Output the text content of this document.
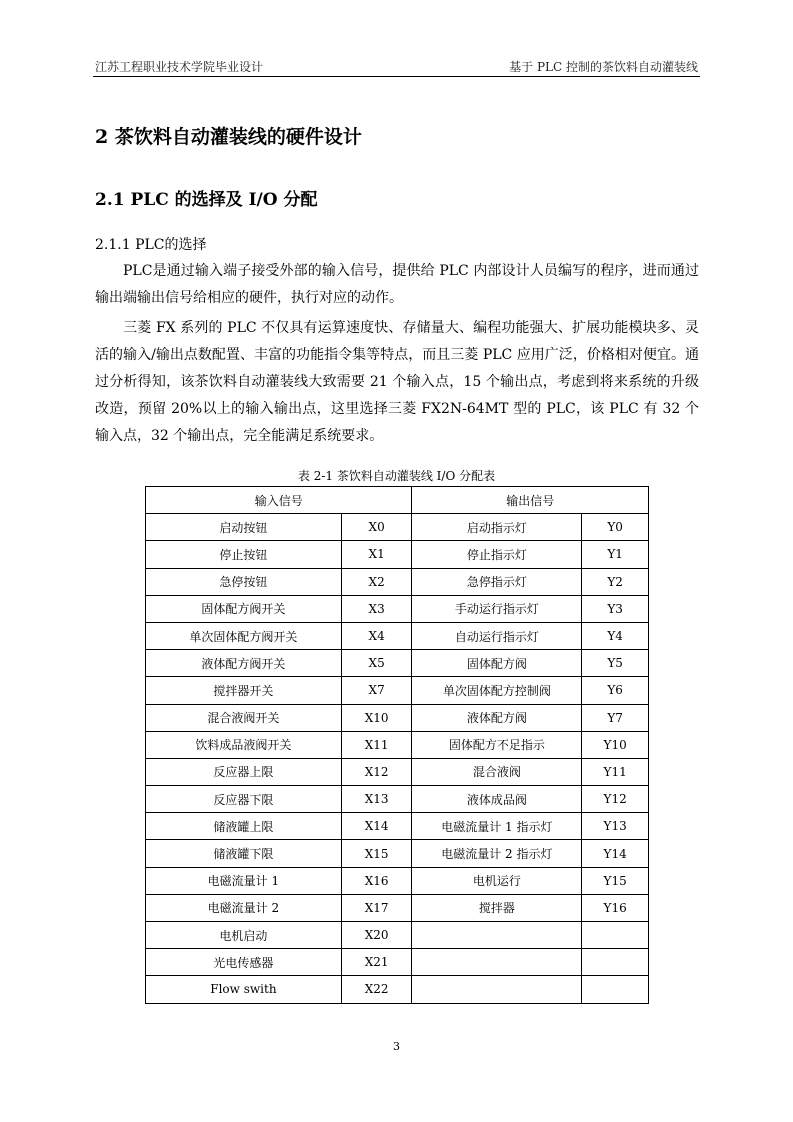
江苏工程职业技术学院毕业设计	基于 PLC 控制的茶饮料自动灌装线
2 茶饮料自动灌装线的硬件设计
2.1 PLC 的选择及 I/O 分配
2.1.1 PLC的选择
PLC是通过输入端子接受外部的输入信号，提供给 PLC 内部设计人员编写的程序，进而通过输出端输出信号给相应的硬件，执行对应的动作。
三菱 FX 系列的 PLC 不仅具有运算速度快、存储量大、编程功能强大、扩展功能模块多、灵活的输入/输出点数配置、丰富的功能指令集等特点，而且三菱 PLC 应用广泛，价格相对便宜。通过分析得知，该茶饮料自动灌装线大致需要 21 个输入点，15 个输出点，考虑到将来系统的升级改造，预留 20%以上的输入输出点，这里选择三菱 FX2N-64MT 型的 PLC，该 PLC 有 32 个输入点，32 个输出点，完全能满足系统要求。
表 2-1 茶饮料自动灌装线 I/O 分配表
输入信号		输出信号	
启动按钮	X0	启动指示灯	Y0
停止按钮	X1	停止指示灯	Y1
急停按钮	X2	急停指示灯	Y2
固体配方阀开关	X3	手动运行指示灯	Y3
单次固体配方阀开关	X4	自动运行指示灯	Y4
液体配方阀开关	X5	固体配方阀	Y5
搅拌器开关	X7	单次固体配方控制阀	Y6
混合液阀开关	X10	液体配方阀	Y7
饮料成品液阀开关	X11	固体配方不足指示	Y10
反应器上限	X12	混合液阀	Y11
反应器下限	X13	液体成品阀	Y12
储液罐上限	X14	电磁流量计 1 指示灯	Y13
储液罐下限	X15	电磁流量计 2 指示灯	Y14
电磁流量计 1	X16	电机运行	Y15
电磁流量计 2	X17	搅拌器	Y16
电机启动	X20		
光电传感器	X21		
Flow swith	X22		
3
